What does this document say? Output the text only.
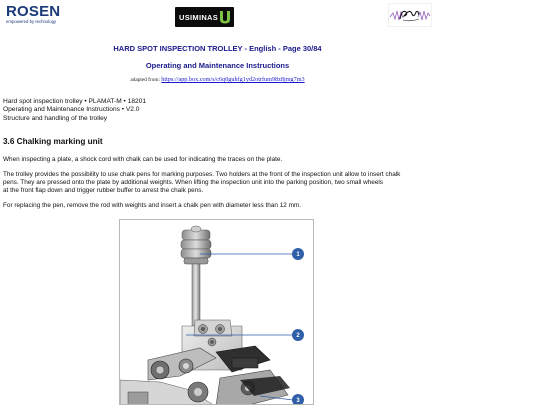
ROSEN
empowered by technology	USIMINAS
HARD SPOT INSPECTION TROLLEY - English - Page 30/84
Operating and Maintenance Instructions
adapted from: https://app.box.com/s/c6q0guhfg1yd2otrfum98z8jmg7m3
Hard spot inspection trolley • PLAMAT-M • 18201
Operating and Maintenance Instructions • V2.0
Structure and handling of the trolley
3.6 Chalking marking unit
When inspecting a plate, a shock cord with chalk can be used for indicating the traces on the plate.
The trolley provides the possibility to use chalk pens for marking purposes. Two holders at the front of the inspection unit allow to insert chalk
pens. They are pressed onto the plate by additional weights. When lifting the inspection unit into the parking position, two small wheels
at the front flap down and trigger rubber buffer to arrest the chalk pens.
For replacing the pen, remove the rod with weights and insert a chalk pen with diameter less than 12 mm.
1
2
3
